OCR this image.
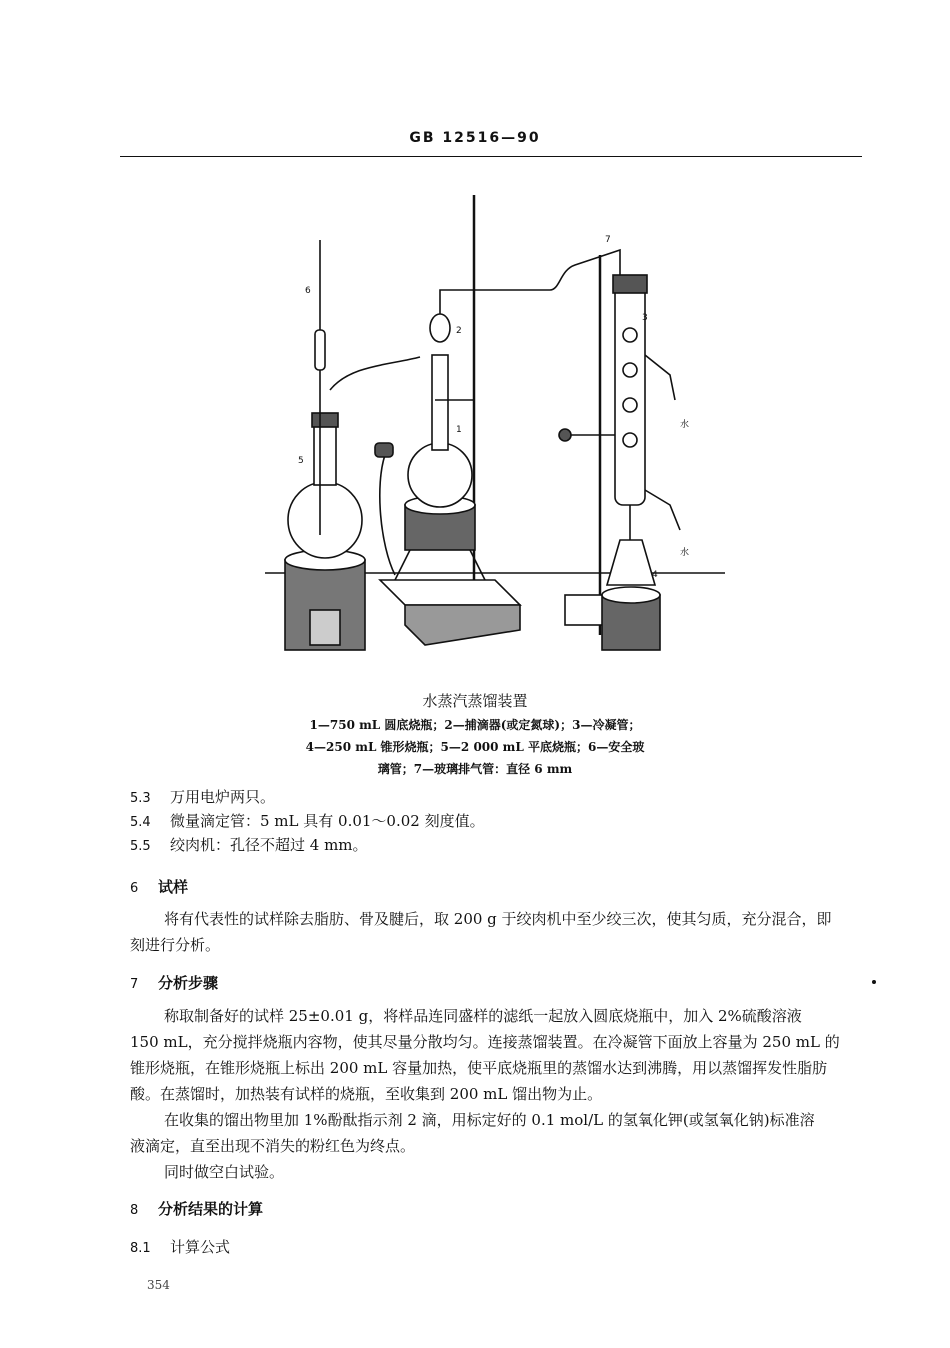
GB 12516—90
6
5
1
2
7
3
4
水
水
水蒸汽蒸馏装置
1—750 mL 圆底烧瓶；2—捕滴器(或定氮球)；3—冷凝管；
4—250 mL 锥形烧瓶；5—2 000 mL 平底烧瓶；6—安全玻
璃管；7—玻璃排气管：直径 6 mm
5.3 万用电炉两只。
5.4 微量滴定管：5 mL 具有 0.01～0.02 刻度值。
5.5 绞肉机：孔径不超过 4 mm。
6 试样
将有代表性的试样除去脂肪、骨及腱后，取 200 g 于绞肉机中至少绞三次，使其匀质，充分混合，即
刻进行分析。
7 分析步骤
称取制备好的试样 25±0.01 g，将样品连同盛样的滤纸一起放入圆底烧瓶中，加入 2%硫酸溶液
150 mL，充分搅拌烧瓶内容物，使其尽量分散均匀。连接蒸馏装置。在冷凝管下面放上容量为 250 mL 的
锥形烧瓶，在锥形烧瓶上标出 200 mL 容量加热，使平底烧瓶里的蒸馏水达到沸腾，用以蒸馏挥发性脂肪
酸。在蒸馏时，加热装有试样的烧瓶，至收集到 200 mL 馏出物为止。
在收集的馏出物里加 1%酚酞指示剂 2 滴，用标定好的 0.1 mol/L 的氢氧化钾(或氢氧化钠)标准溶
液滴定，直至出现不消失的粉红色为终点。
同时做空白试验。
8 分析结果的计算
8.1 计算公式
354
